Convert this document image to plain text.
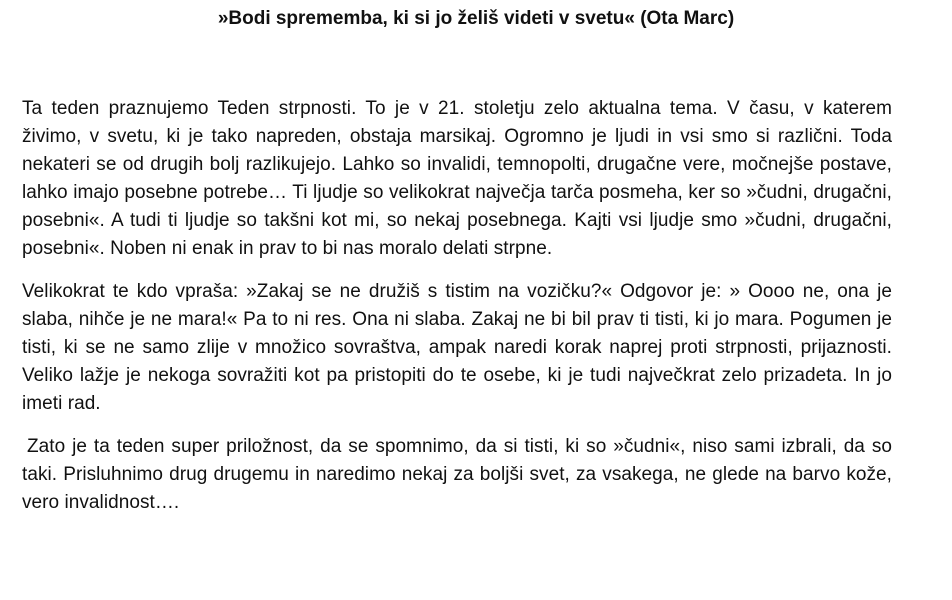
»Bodi sprememba, ki si jo želiš videti v svetu« (Ota Marc)

Ta teden praznujemo Teden strpnosti. To je v 21. stoletju zelo aktualna tema. V času, v katerem živimo, v svetu, ki je tako napreden, obstaja marsikaj. Ogromno je ljudi in vsi smo si različni. Toda nekateri se od drugih bolj razlikujejo. Lahko so invalidi, temnopolti, drugačne vere, močnejše postave, lahko imajo posebne potrebe… Ti ljudje so velikokrat največja tarča posmeha, ker so »čudni, drugačni, posebni«. A tudi ti ljudje so takšni kot mi, so nekaj posebnega. Kajti vsi ljudje smo »čudni, drugačni, posebni«. Noben ni enak in prav to bi nas moralo delati strpne.

Velikokrat te kdo vpraša: »Zakaj se ne družiš s tistim na vozičku?« Odgovor je: » Oooo ne, ona je slaba, nihče je ne mara!« Pa to ni res. Ona ni slaba. Zakaj ne bi bil prav ti tisti, ki jo mara. Pogumen je tisti, ki se ne samo zlije v množico sovraštva, ampak naredi korak naprej proti strpnosti, prijaznosti. Veliko lažje je nekoga sovražiti kot pa pristopiti do te osebe, ki je tudi največkrat zelo prizadeta. In jo imeti rad.

Zato je ta teden super priložnost, da se spomnimo, da si tisti, ki so »čudni«, niso sami izbrali, da so taki. Prisluhnimo drug drugemu in naredimo nekaj za boljši svet, za vsakega, ne glede na barvo kože, vero invalidnost….
